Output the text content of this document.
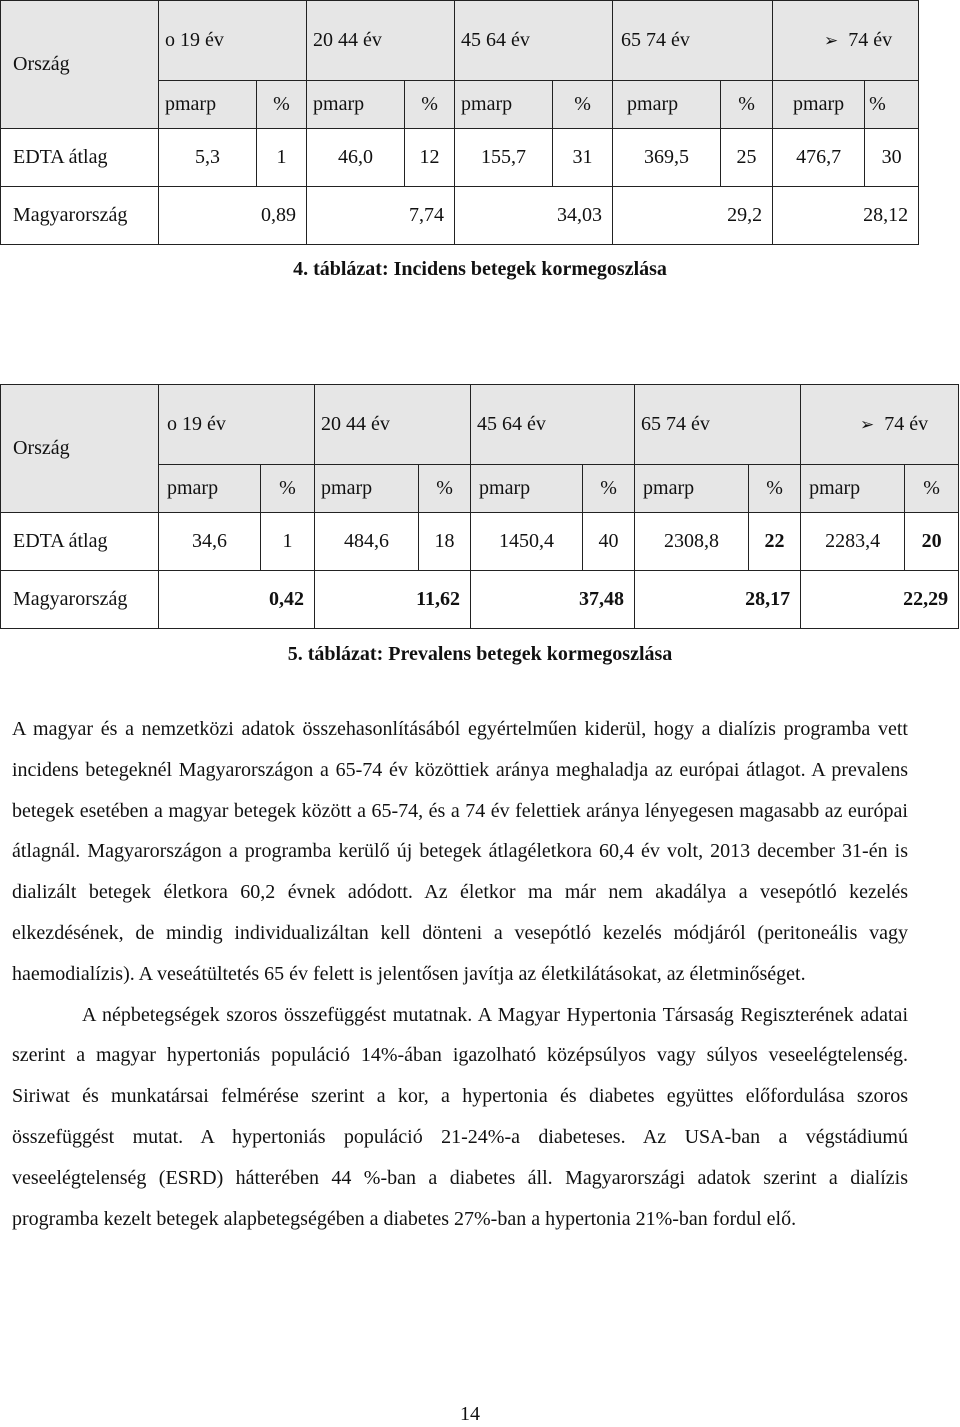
Ország	o 19 év		20 44 év		45 64 év		65 74 év		➢ 74 év	
	pmarp	%	pmarp	%	pmarp	%	pmarp	%	pmarp	%
EDTA átlag	5,3	1	46,0	12	155,7	31	369,5	25	476,7	30
Magyarország	0,89		7,74		34,03		29,2		28,12	
4. táblázat: Incidens betegek kormegoszlása
Ország	o 19 év		20 44 év		45 64 év		65 74 év		➢ 74 év	
	pmarp	%	pmarp	%	pmarp	%	pmarp	%	pmarp	%
EDTA átlag	34,6	1	484,6	18	1450,4	40	2308,8	22	2283,4	20
Magyarország	0,42		11,62		37,48		28,17		22,29	
5. táblázat: Prevalens betegek kormegoszlása

A magyar és a nemzetközi adatok összehasonlításából egyértelműen kiderül, hogy a dialízis programba vett incidens betegeknél Magyarországon a 65-74 év közöttiek aránya meghaladja az európai átlagot. A prevalens betegek esetében a magyar betegek között a 65-74, és a 74 év felettiek aránya lényegesen magasabb az európai átlagnál. Magyarországon a programba kerülő új betegek átlagéletkora 60,4 év volt, 2013 december 31-én is dializált betegek életkora 60,2 évnek adódott. Az életkor ma már nem akadálya a vesepótló kezelés elkezdésének, de mindig individualizáltan kell dönteni a vesepótló kezelés módjáról (peritoneális vagy haemodialízis). A veseátültetés 65 év felett is jelentősen javítja az életkilátásokat, az életminőséget.

A népbetegségek szoros összefüggést mutatnak. A Magyar Hypertonia Társaság Regiszterének adatai szerint a magyar hypertoniás populáció 14%-ában igazolható középsúlyos vagy súlyos veseelégtelenség. Siriwat és munkatársai felmérése szerint a kor, a hypertonia és diabetes együttes előfordulása szoros összefüggést mutat. A hypertoniás populáció 21-24%-a diabeteses. Az USA-ban a végstádiumú veseelégtelenség (ESRD) hátterében 44 %-ban a diabetes áll. Magyarországi adatok szerint a dialízis programba kezelt betegek alapbetegségében a diabetes 27%-ban a hypertonia 21%-ban fordul elő.

14
